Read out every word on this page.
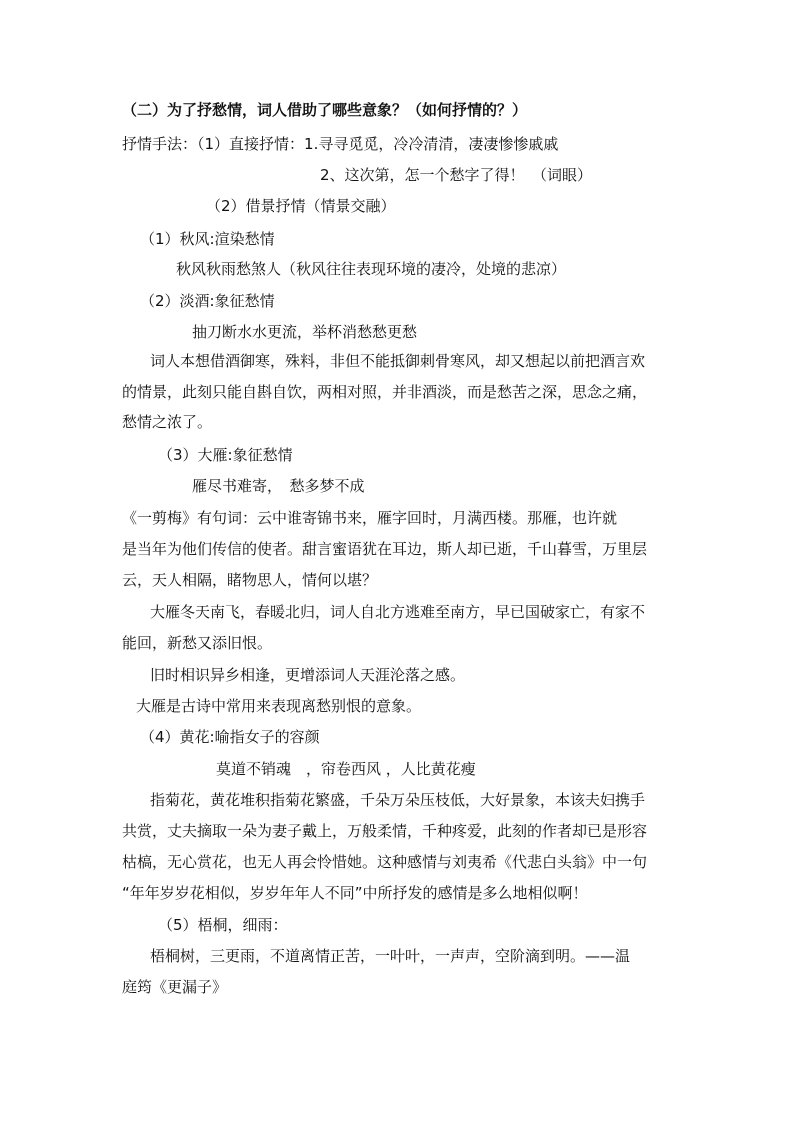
（二）为了抒愁情，词人借助了哪些意象？（如何抒情的？）
抒情手法：（1）直接抒情：1.寻寻觅觅，冷冷清清，凄凄惨惨戚戚
2、这次第，怎一个愁字了得！　（词眼）
（2）借景抒情（情景交融）
（1）秋风:渲染愁情
秋风秋雨愁煞人（秋风往往表现环境的凄冷，处境的悲凉）
（2）淡酒:象征愁情
抽刀断水水更流，举杯消愁愁更愁
词人本想借酒御寒，殊料，非但不能抵御刺骨寒风，却又想起以前把酒言欢
的情景，此刻只能自斟自饮，两相对照，并非酒淡，而是愁苦之深，思念之痛，
愁情之浓了。
（3）大雁:象征愁情
雁尽书难寄，　愁多梦不成
《一剪梅》有句词：云中谁寄锦书来，雁字回时，月满西楼。那雁，也许就
是当年为他们传信的使者。甜言蜜语犹在耳边，斯人却已逝，千山暮雪，万里层
云，天人相隔，睹物思人，情何以堪？
大雁冬天南飞，春暖北归，词人自北方逃难至南方，早已国破家亡，有家不
能回，新愁又添旧恨。
旧时相识异乡相逢，更增添词人天涯沦落之感。
大雁是古诗中常用来表现离愁别恨的意象。
（4）黄花:喻指女子的容颜
莫道不销魂　，帘卷西风 ，人比黄花瘦
指菊花，黄花堆积指菊花繁盛，千朵万朵压枝低，大好景象，本该夫妇携手
共赏，丈夫摘取一朵为妻子戴上，万般柔情，千种疼爱，此刻的作者却已是形容
枯槁，无心赏花，也无人再会怜惜她。这种感情与刘夷希《代悲白头翁》中一句
“年年岁岁花相似，岁岁年年人不同”中所抒发的感情是多么地相似啊！
（5）梧桐，细雨：
梧桐树，三更雨，不道离情正苦，一叶叶，一声声，空阶滴到明。——温
庭筠《更漏子》
